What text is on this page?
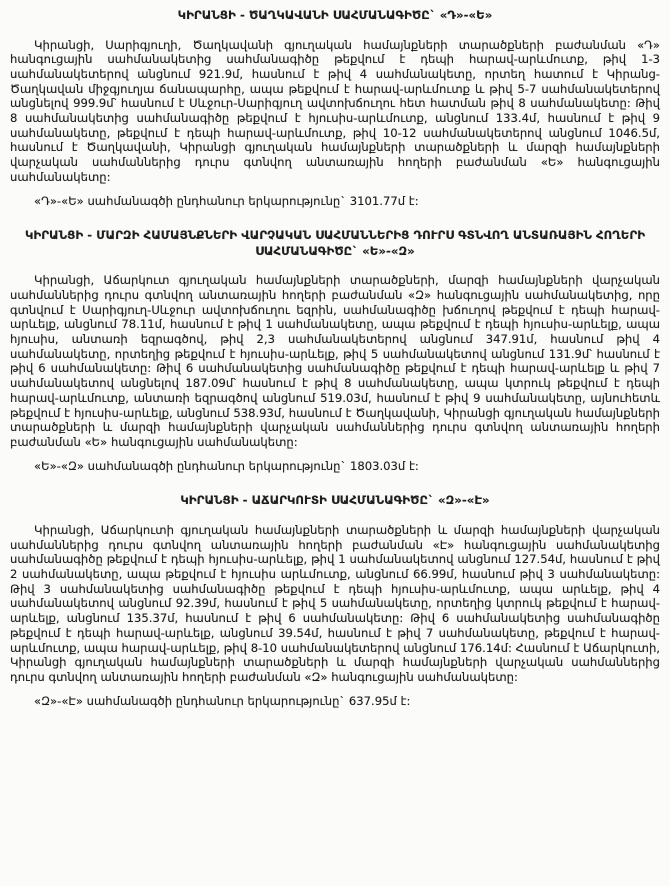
ԿԻՐԱՆՑԻ - ԾԱՂԿԱՎԱՆԻ ՍԱՀՄԱՆԱԳԻԾԸ` «Դ»-«Ե»

Կիրանցի, Սարիգյուղի, Ծաղկավանի գյուղական համայնքների տարածքների բաժանման «Դ» հանգուցային սահմանակետից սահմանագիծը թեքվում է դեպի հարավ-արևմուտք, թիվ 1-3 սահմանակետերով անցնում 921.9մ, հասնում է թիվ 4 սահմանակետը, որտեղ հատում է Կիրանց-Ծաղկավան միջգյուղյա ճանապարհը, ապա թեքվում է հարավ-արևմուտք և թիվ 5-7 սահմանակետերով անցնելով 999.9մ՝ հասնում է Սևջուր-Սարիգյուղ ավտոխճուղու հետ հատման թիվ 8 սահմանակետը: Թիվ 8 սահմանակետից սահմանագիծը թեքվում է հյուսիս-արևմուտք, անցնում 133.4մ, հասնում է թիվ 9 սահմանակետը, թեքվում է դեպի հարավ-արևմուտք, թիվ 10-12 սահմանակետերով անցնում 1046.5մ, հասնում է Ծաղկավանի, Կիրանցի գյուղական համայնքների տարածքների և մարզի համայնքների վարչական սահմաններից դուրս գտնվող անտառային հողերի բաժանման «Ե» հանգուցային սահմանակետը:

«Դ»-«Ե» սահմանագծի ընդհանուր երկարությունը` 3101.77մ է:

ԿԻՐԱՆՑԻ - ՄԱՐԶԻ ՀԱՄԱՅՆՔՆԵՐԻ ՎԱՐՉԱԿԱՆ ՍԱՀՄԱՆՆԵՐԻՑ ԴՈՒՐՍ ԳՏՆՎՈՂ ԱՆՏԱՌԱՅԻՆ ՀՈՂԵՐԻ ՍԱՀՄԱՆԱԳԻԾԸ` «Ե»-«Զ»

Կիրանցի, Աճարկուտ գյուղական համայնքների տարածքների, մարզի համայնքների վարչական սահմաններից դուրս գտնվող անտառային հողերի բաժանման «Զ» հանգուցային սահմանակետից, որը գտնվում է Սարիգյուղ-Սևջուր ավտոխճուղու եզրին, սահմանագիծը խճուղով թեքվում է դեպի հարավ-արևելք, անցնում 78.11մ, հասնում է թիվ 1 սահմանակետը, ապա թեքվում է դեպի հյուսիս-արևելք, ապա հյուսիս, անտառի եզրագծով, թիվ 2,3 սահմանակետերով անցնում 347.91մ, հասնում թիվ 4 սահմանակետը, որտեղից թեքվում է հյուսիս-արևելք, թիվ 5 սահմանակետով անցնում 131.9մ՝ հասնում է թիվ 6 սահմանակետը: Թիվ 6 սահմանակետից սահմանագիծը թեքվում է դեպի հարավ-արևելք և թիվ 7 սահմանակետով անցնելով 187.09մ՝ հասնում է թիվ 8 սահմանակետը, ապա կտրուկ թեքվում է դեպի հարավ-արևմուտք, անտառի եզրագծով անցնում 519.03մ, հասնում է թիվ 9 սահմանակետը, այնուհետև թեքվում է հյուսիս-արևելք, անցնում 538.93մ, հասնում է Ծաղկավանի, Կիրանցի գյուղական համայնքների տարածքների և մարզի համայնքների վարչական սահմաններից դուրս գտնվող անտառային հողերի բաժանման «Ե» հանգուցային սահմանակետը:

«Ե»-«Զ» սահմանագծի ընդհանուր երկարությունը` 1803.03մ է:

ԿԻՐԱՆՑԻ - ԱՃԱՐԿՈՒՏԻ ՍԱՀՄԱՆԱԳԻԾԸ` «Զ»-«Է»

Կիրանցի, Աճարկուտի գյուղական համայնքների տարածքների և մարզի համայնքների վարչական սահմաններից դուրս գտնվող անտառային հողերի բաժանման «Է» հանգուցային սահմանակետից սահմանագիծը թեքվում է դեպի հյուսիս-արևելք, թիվ 1 սահմանակետով անցնում 127.54մ, հասնում է թիվ 2 սահմանակետը, ապա թեքվում է հյուսիս արևմուտք, անցնում 66.99մ, հասնում թիվ 3 սահմանակետը: Թիվ 3 սահմանակետից սահմանագիծը թեքվում է դեպի հյուսիս-արևմուտք, ապա արևելք, թիվ 4 սահմանակետով անցնում 92.39մ, հասնում է թիվ 5 սահմանակետը, որտեղից կտրուկ թեքվում է հարավ-արևելք, անցնում 135.37մ, հասնում է թիվ 6 սահմանակետը: Թիվ 6 սահմանակետից սահմանագիծը թեքվում է դեպի հարավ-արևելք, անցնում 39.54մ, հասնում է թիվ 7 սահմանակետը, թեքվում է հարավ-արևմուտք, ապա հարավ-արևելք, թիվ 8-10 սահմանակետերով անցնում 176.14մ: Հասնում է Աճարկուտի, Կիրանցի գյուղական համայնքների տարածքների և մարզի համայնքների վարչական սահմաններից դուրս գտնվող անտառային հողերի բաժանման «Զ» հանգուցային սահմանակետը:

«Զ»-«Է» սահմանագծի ընդհանուր երկարությունը` 637.95մ է:
